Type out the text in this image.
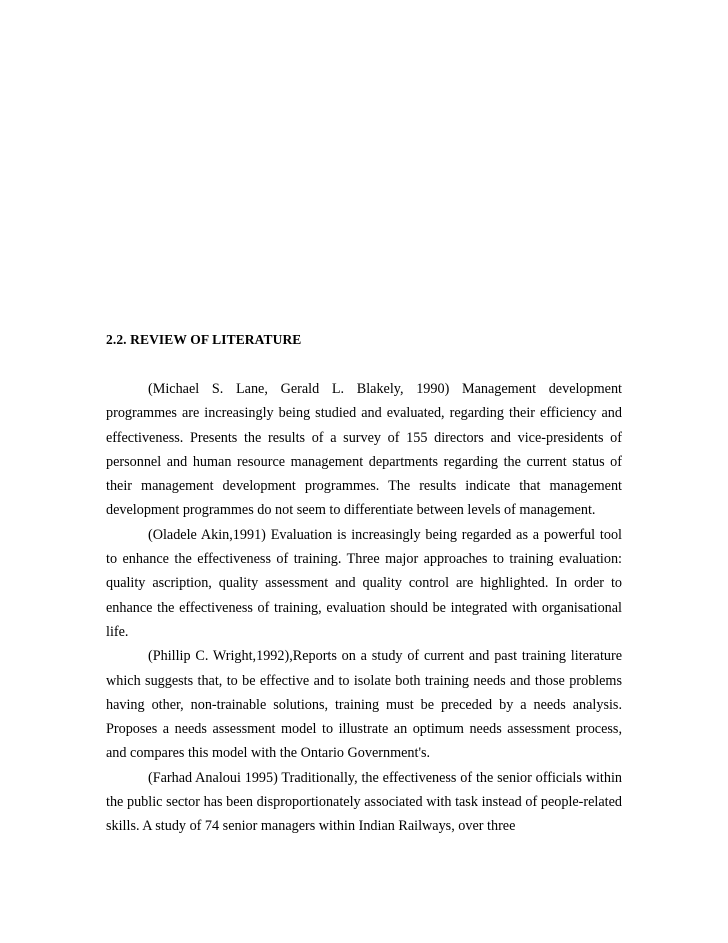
2.2. REVIEW OF LITERATURE

(Michael S. Lane, Gerald L. Blakely, 1990) Management development programmes are increasingly being studied and evaluated, regarding their efficiency and effectiveness. Presents the results of a survey of 155 directors and vice-presidents of personnel and human resource management departments regarding the current status of their management development programmes. The results indicate that management development programmes do not seem to differentiate between levels of management.

(Oladele Akin,1991) Evaluation is increasingly being regarded as a powerful tool to enhance the effectiveness of training. Three major approaches to training evaluation: quality ascription, quality assessment and quality control are highlighted. In order to enhance the effectiveness of training, evaluation should be integrated with organisational life.

(Phillip C. Wright,1992),Reports on a study of current and past training literature which suggests that, to be effective and to isolate both training needs and those problems having other, non-trainable solutions, training must be preceded by a needs analysis. Proposes a needs assessment model to illustrate an optimum needs assessment process, and compares this model with the Ontario Government's.

(Farhad Analoui 1995) Traditionally, the effectiveness of the senior officials within the public sector has been disproportionately associated with task instead of people-related skills. A study of 74 senior managers within Indian Railways, over three
